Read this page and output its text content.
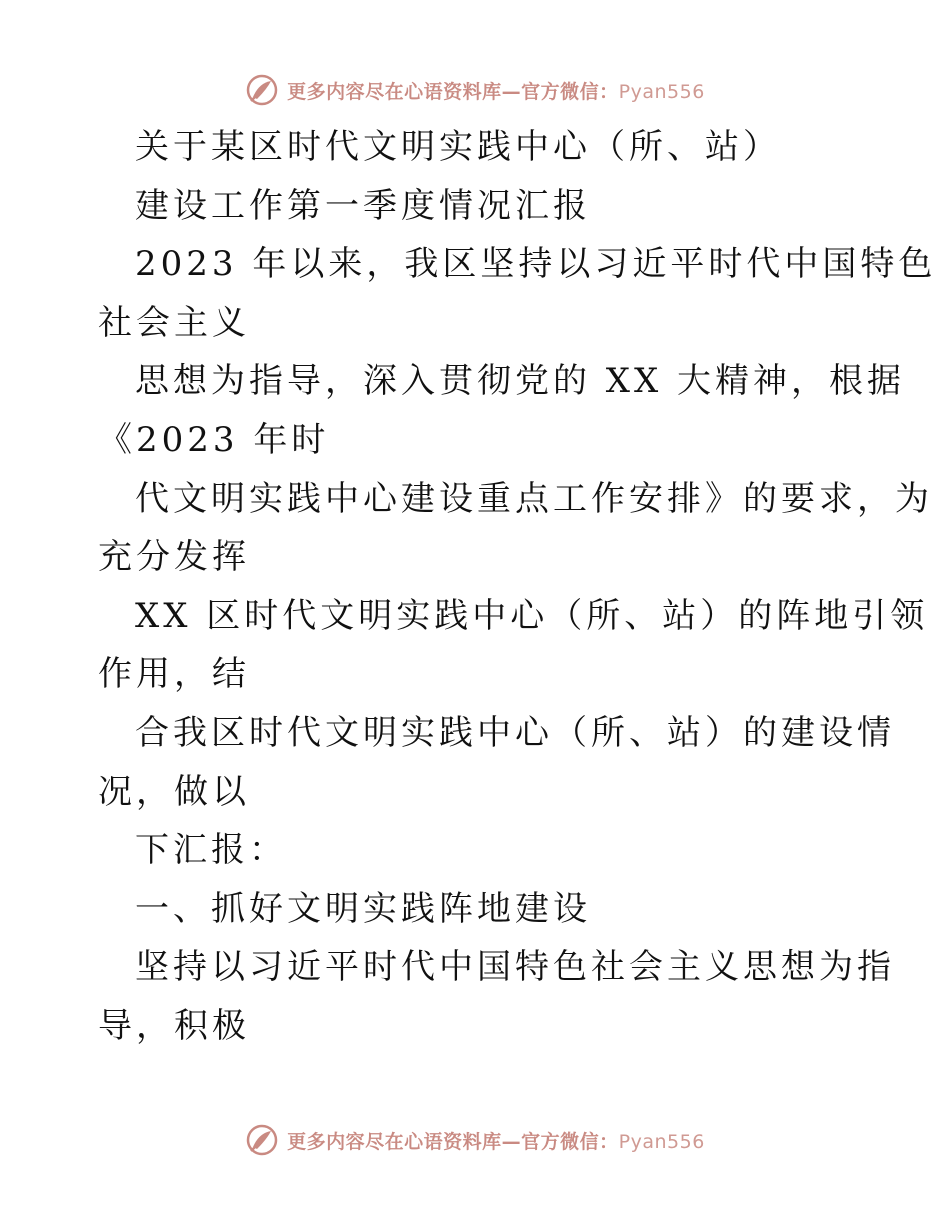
更多内容尽在心语资料库—官方微信：Pyan556
关于某区时代文明实践中心（所、站）
建设工作第一季度情况汇报
2023 年以来，我区坚持以习近平时代中国特色
社会主义
思想为指导，深入贯彻党的 XX 大精神，根据
《2023 年时
代文明实践中心建设重点工作安排》的要求，为
充分发挥
XX 区时代文明实践中心（所、站）的阵地引领
作用，结
合我区时代文明实践中心（所、站）的建设情
况，做以
下汇报：
一、抓好文明实践阵地建设
坚持以习近平时代中国特色社会主义思想为指
导，积极
更多内容尽在心语资料库—官方微信：Pyan556
